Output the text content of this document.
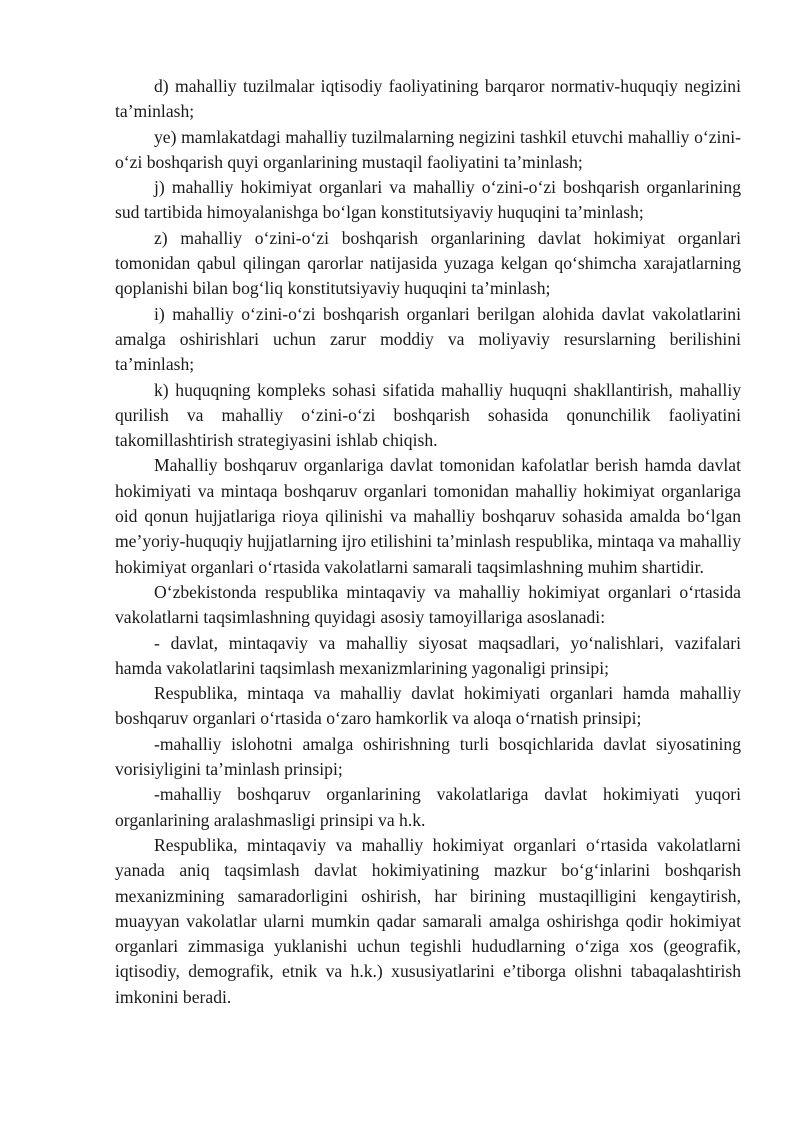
d) mahalliy tuzilmalar iqtisodiy faoliyatining barqaror normativ-huquqiy negizini ta’minlash;

ye) mamlakatdagi mahalliy tuzilmalarning negizini tashkil etuvchi mahalliy o‘zini-o‘zi boshqarish quyi organlarining mustaqil faoliyatini ta’minlash;

j) mahalliy hokimiyat organlari va mahalliy o‘zini-o‘zi boshqarish organlarining sud tartibida himoyalanishga bo‘lgan konstitutsiyaviy huquqini ta’minlash;

z) mahalliy o‘zini-o‘zi boshqarish organlarining davlat hokimiyat organlari tomonidan qabul qilingan qarorlar natijasida yuzaga kelgan qo‘shimcha xarajatlarning qoplanishi bilan bog‘liq konstitutsiyaviy huquqini ta’minlash;

i) mahalliy o‘zini-o‘zi boshqarish organlari berilgan alohida davlat vakolatlarini amalga oshirishlari uchun zarur moddiy va moliyaviy resurslarning berilishini ta’minlash;

k) huquqning kompleks sohasi sifatida mahalliy huquqni shakllantirish, mahalliy qurilish va mahalliy o‘zini-o‘zi boshqarish sohasida qonunchilik faoliyatini takomillashtirish strategiyasini ishlab chiqish.

Mahalliy boshqaruv organlariga davlat tomonidan kafolatlar berish hamda davlat hokimiyati va mintaqa boshqaruv organlari tomonidan mahalliy hokimiyat organlariga oid qonun hujjatlariga rioya qilinishi va mahalliy boshqaruv sohasida amalda bo‘lgan me’yoriy-huquqiy hujjatlarning ijro etilishini ta’minlash respublika, mintaqa va mahalliy hokimiyat organlari o‘rtasida vakolatlarni samarali taqsimlashning muhim shartidir.

O‘zbekistonda respublika mintaqaviy va mahalliy hokimiyat organlari o‘rtasida vakolatlarni taqsimlashning quyidagi asosiy tamoyillariga asoslanadi:

- davlat, mintaqaviy va mahalliy siyosat maqsadlari, yo‘nalishlari, vazifalari hamda vakolatlarini taqsimlash mexanizmlarining yagonaligi prinsipi;

Respublika, mintaqa va mahalliy davlat hokimiyati organlari hamda mahalliy boshqaruv organlari o‘rtasida o‘zaro hamkorlik va aloqa o‘rnatish prinsipi;

-mahalliy islohotni amalga oshirishning turli bosqichlarida davlat siyosatining vorisiyligini ta’minlash prinsipi;

-mahalliy boshqaruv organlarining vakolatlariga davlat hokimiyati yuqori organlarining aralashmasligi prinsipi va h.k.

Respublika, mintaqaviy va mahalliy hokimiyat organlari o‘rtasida vakolatlarni yanada aniq taqsimlash davlat hokimiyatining mazkur bo‘g‘inlarini boshqarish mexanizmining samaradorligini oshirish, har birining mustaqilligini kengaytirish, muayyan vakolatlar ularni mumkin qadar samarali amalga oshirishga qodir hokimiyat organlari zimmasiga yuklanishi uchun tegishli hududlarning o‘ziga xos (geografik, iqtisodiy, demografik, etnik va h.k.) xususiyatlarini e’tiborga olishni tabaqalashtirish imkonini beradi.
